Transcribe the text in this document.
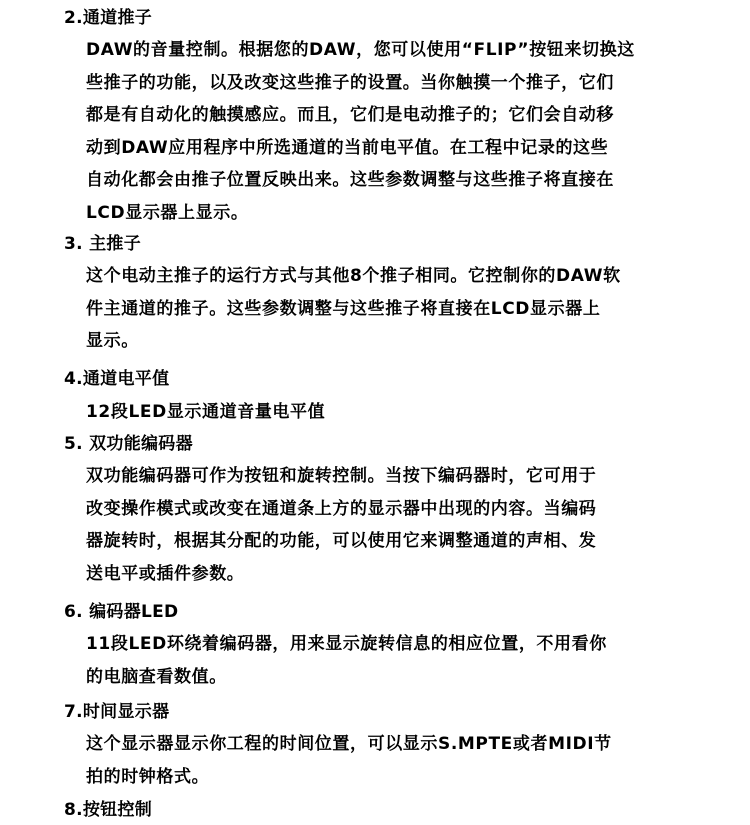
2.通道推子
DAW的音量控制。根据您的DAW，您可以使用“FLIP”按钮来切换这
些推子的功能，以及改变这些推子的设置。当你触摸一个推子，它们
都是有自动化的触摸感应。而且，它们是电动推子的；它们会自动移
动到DAW应用程序中所选通道的当前电平值。在工程中记录的这些
自动化都会由推子位置反映出来。这些参数调整与这些推子将直接在
LCD显示器上显示。
3. 主推子
这个电动主推子的运行方式与其他8个推子相同。它控制你的DAW软
件主通道的推子。这些参数调整与这些推子将直接在LCD显示器上
显示。
4.通道电平值
12段LED显示通道音量电平值
5. 双功能编码器
双功能编码器可作为按钮和旋转控制。当按下编码器时，它可用于
改变操作模式或改变在通道条上方的显示器中出现的内容。当编码
器旋转时，根据其分配的功能，可以使用它来调整通道的声相、发
送电平或插件参数。
6. 编码器LED
11段LED环绕着编码器，用来显示旋转信息的相应位置，不用看你
的电脑查看数值。
7.时间显示器
这个显示器显示你工程的时间位置，可以显示S.MPTE或者MIDI节
拍的时钟格式。
8.按钮控制
